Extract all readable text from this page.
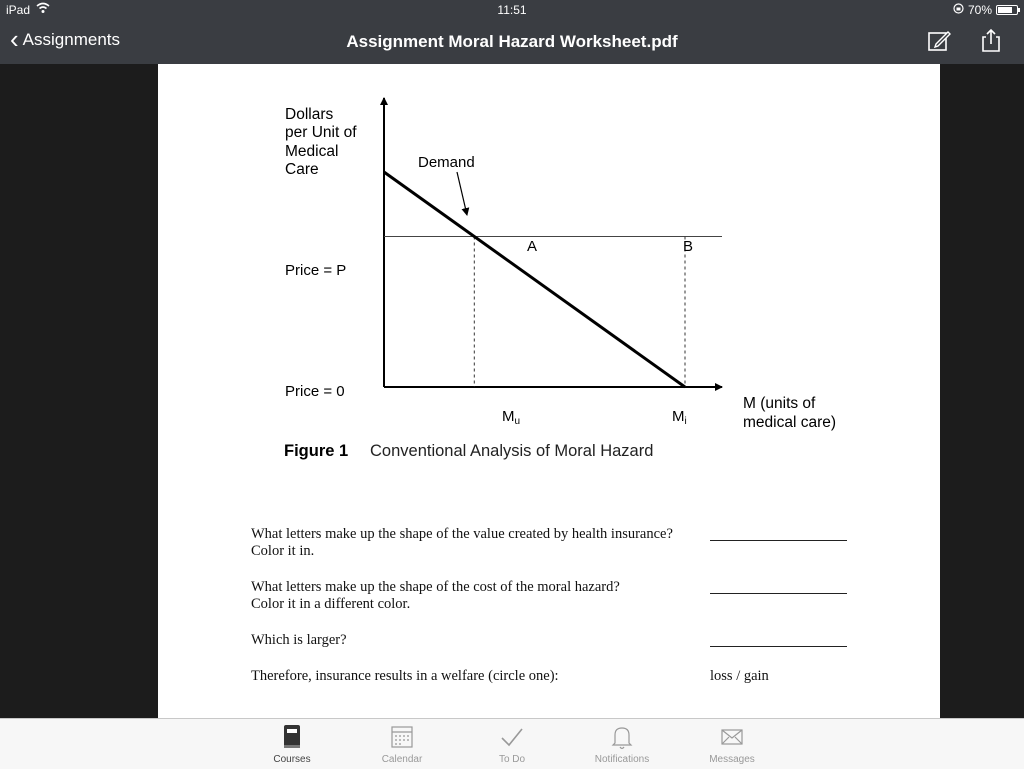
iPad	11:51	70%
‹ Assignments	Assignment Moral Hazard Worksheet.pdf
Dollars
per Unit of
Medical
Care	Demand
A	B
Price = P
Price = 0
$M_u$	$M_i$
M (units of
medical care)
Figure 1 Conventional Analysis of Moral Hazard
What letters make up the shape of the value created by health insurance?
Color it in.
What letters make up the shape of the cost of the moral hazard?
Color it in a different color.
Which is larger?
Therefore, insurance results in a welfare (circle one):	loss / gain
Courses	Calendar	To Do	Notifications	Messages
